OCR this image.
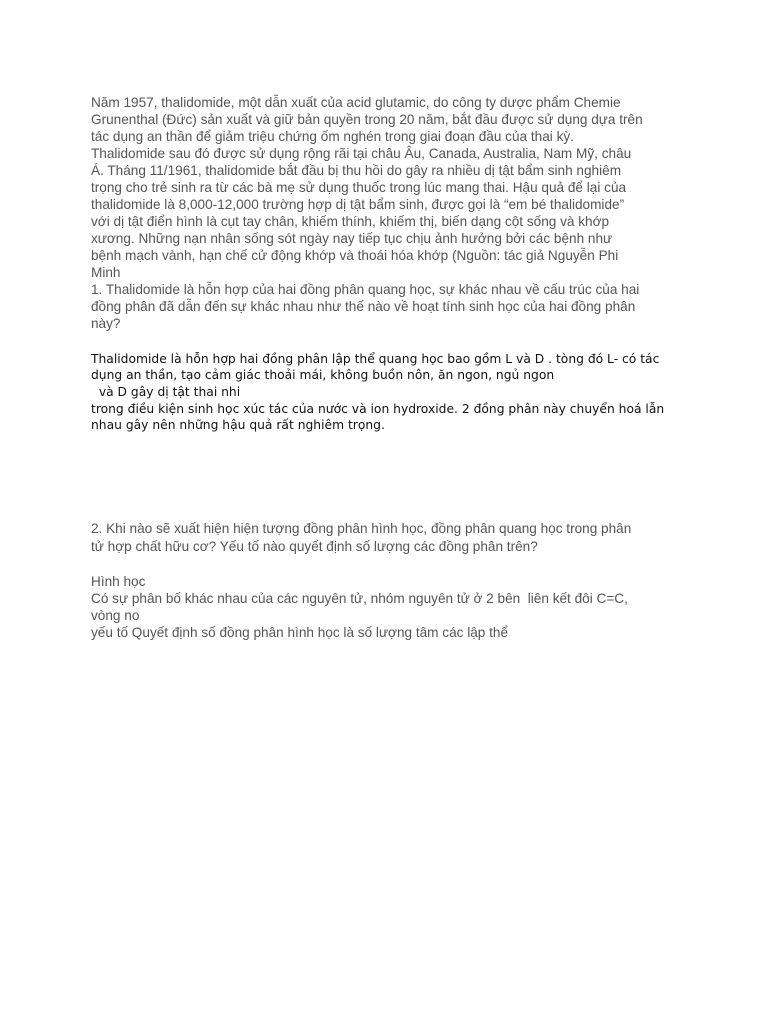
Năm 1957, thalidomide, một dẫn xuất của acid glutamic, do công ty dược phẩm Chemie
Grunenthal (Đức) sản xuất và giữ bản quyền trong 20 năm, bắt đầu được sử dụng dựa trên
tác dụng an thần để giảm triệu chứng ốm nghén trong giai đoạn đầu của thai kỳ.
Thalidomide sau đó được sử dụng rộng rãi tại châu Âu, Canada, Australia, Nam Mỹ, châu
Á. Tháng 11/1961, thalidomide bắt đầu bị thu hồi do gây ra nhiều dị tật bẩm sinh nghiêm
trọng cho trẻ sinh ra từ các bà mẹ sử dụng thuốc trong lúc mang thai. Hậu quả để lại của
thalidomide là 8,000-12,000 trường hợp dị tật bẩm sinh, được gọi là “em bé thalidomide”
với dị tật điển hình là cụt tay chân, khiếm thính, khiếm thị, biến dạng cột sống và khớp
xương. Những nạn nhân sống sót ngày nay tiếp tục chịu ảnh hưởng bởi các bệnh như
bệnh mạch vành, hạn chế cử động khớp và thoái hóa khớp (Nguồn: tác giả Nguyễn Phi
Minh
1. Thalidomide là hỗn hợp của hai đồng phân quang học, sự khác nhau về cấu trúc của hai
đồng phân đã dẫn đến sự khác nhau như thế nào về hoạt tính sinh học của hai đồng phân
này?
Thalidomide là hỗn hợp hai đồng phân lập thể quang học bao gồm L và D . tòng đó L- có tác
dụng an thần, tạo cảm giác thoải mái, không buồn nôn, ăn ngon, ngủ ngon
và D gây dị tật thai nhi
trong điều kiện sinh học xúc tác của nước và ion hydroxide. 2 đồng phân này chuyển hoá lẫn
nhau gây nên những hậu quả rất nghiêm trọng.
2. Khi nào sẽ xuất hiện hiện tượng đồng phân hình học, đồng phân quang học trong phân
tử hợp chất hữu cơ? Yếu tố nào quyết định số lượng các đồng phân trên?
Hình học
Có sự phân bố khác nhau của các nguyên tử, nhóm nguyên tử ở 2 bên  liên kết đôi C=C,
vòng no
yếu tố Quyết định số đồng phân hình học là số lượng tâm các lập thể
